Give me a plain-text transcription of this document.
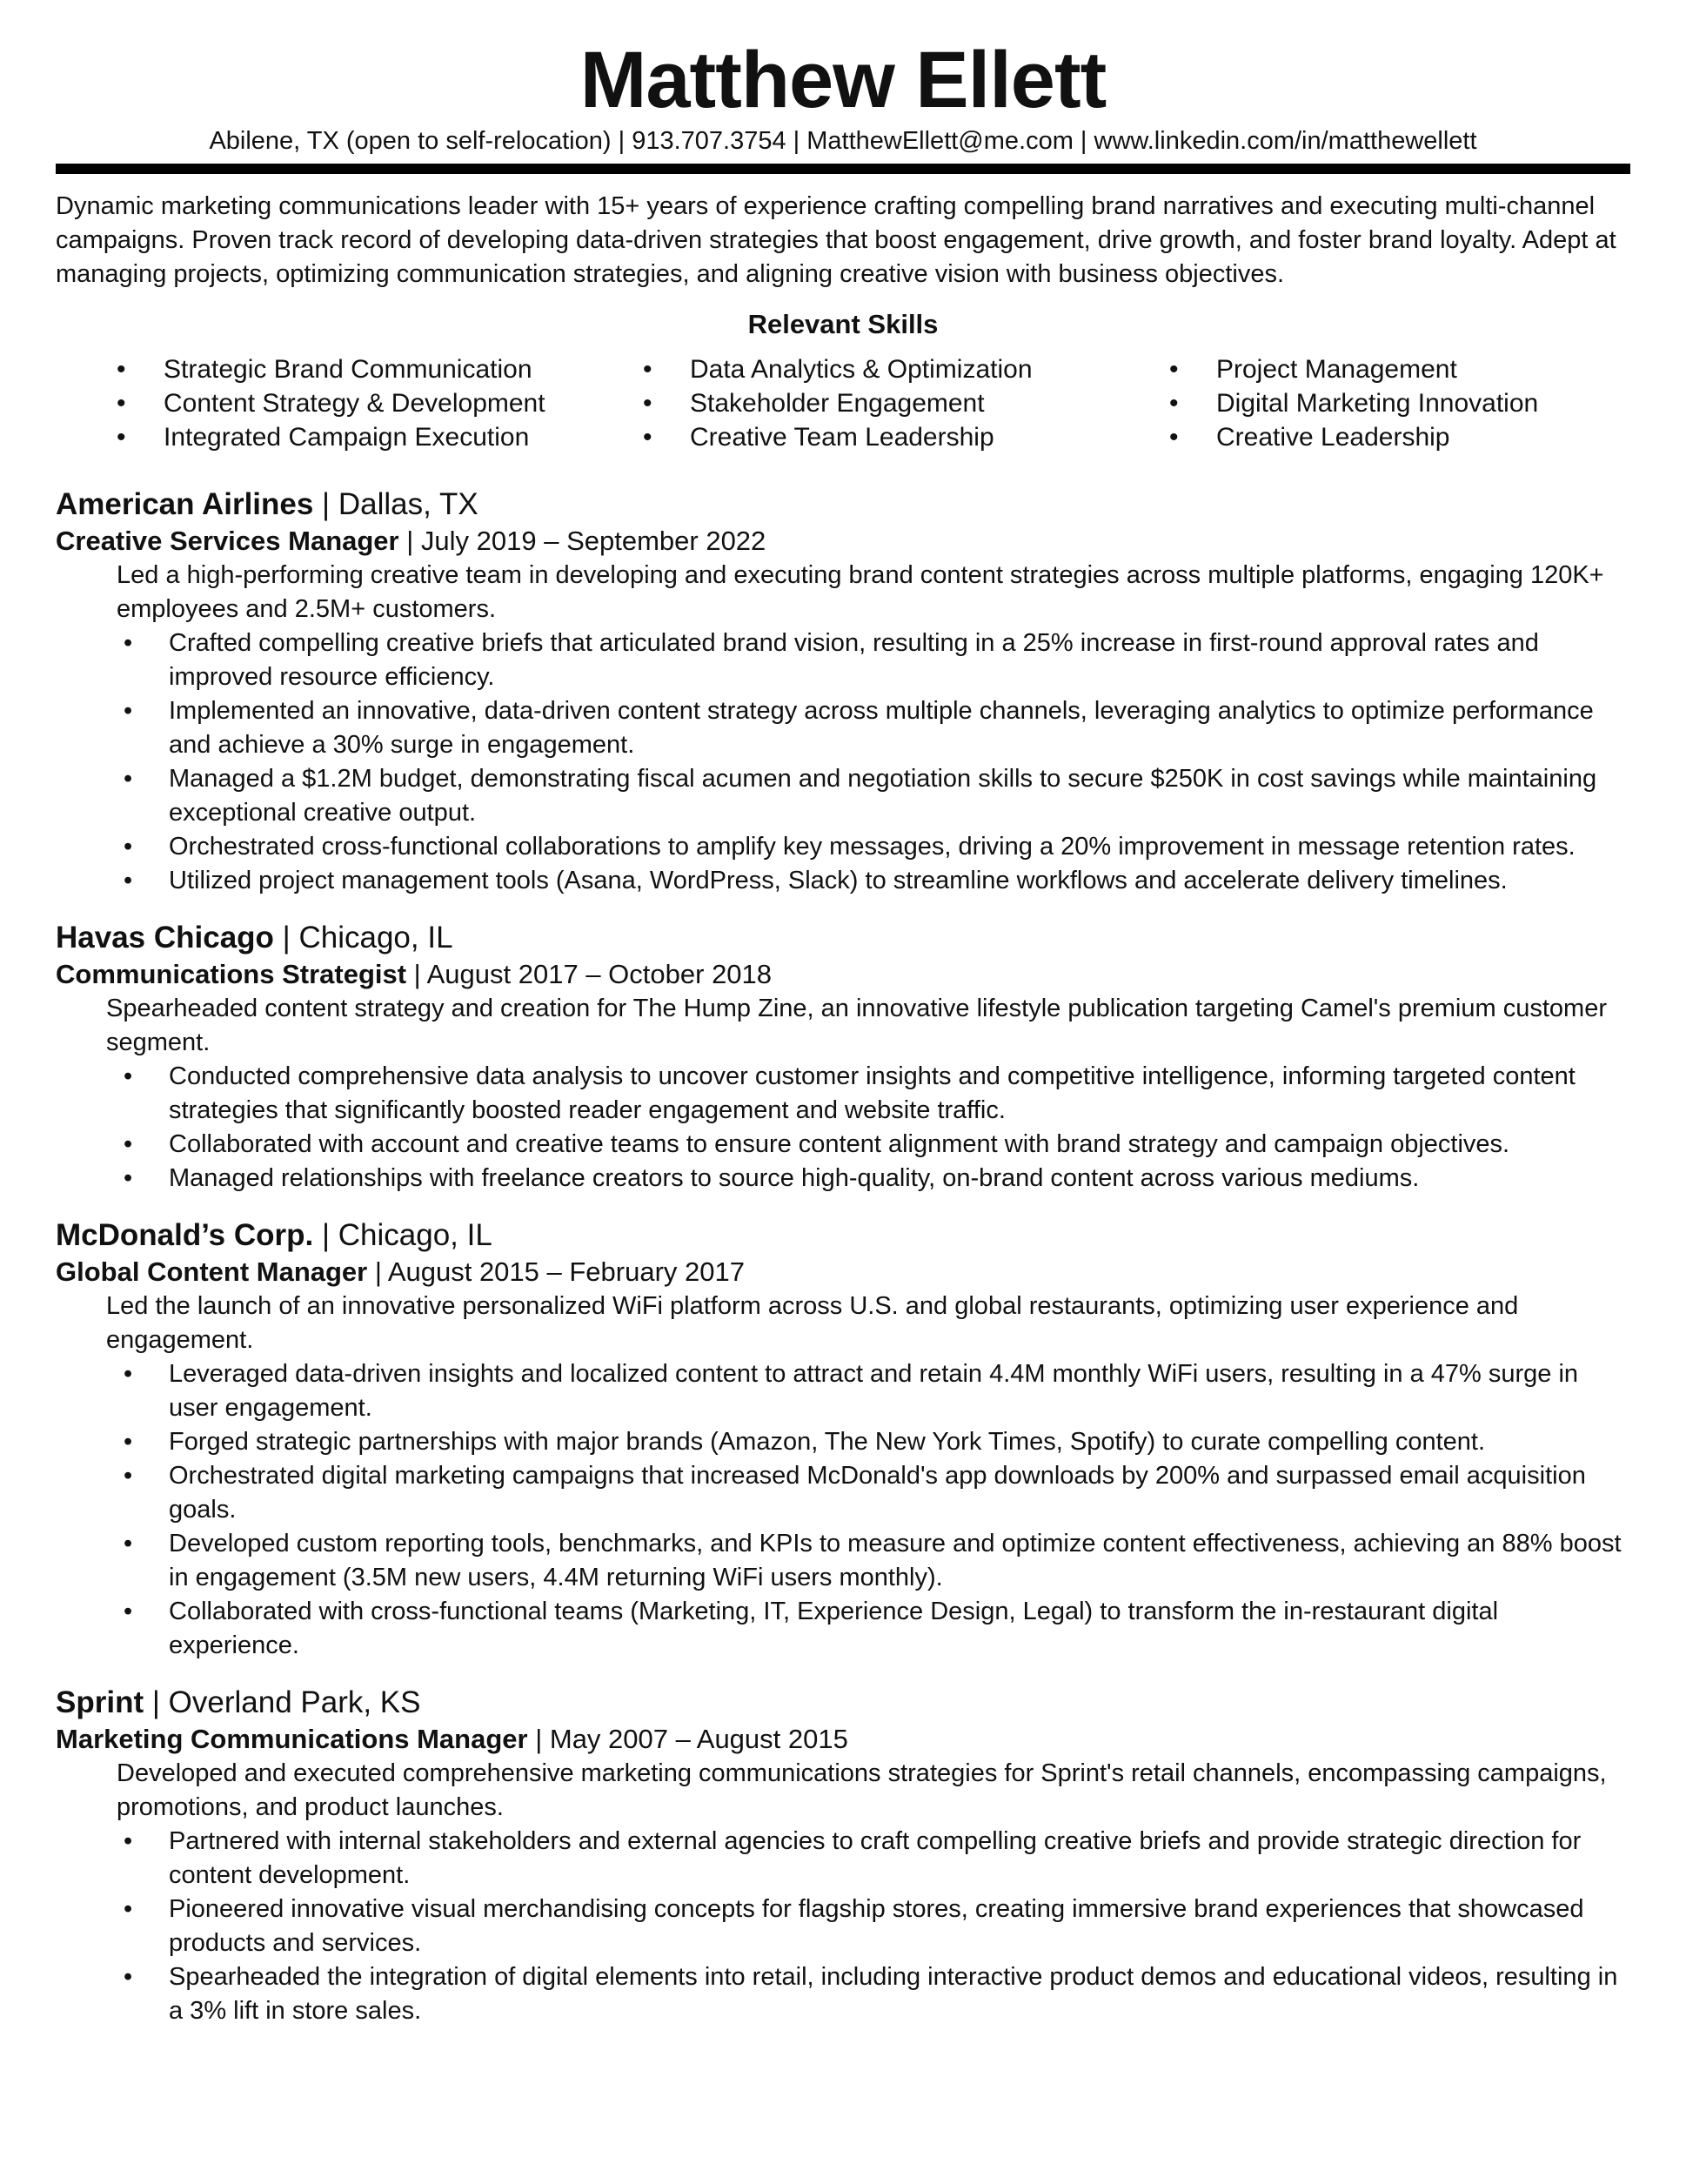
Matthew Ellett
Abilene, TX (open to self-relocation) | 913.707.3754 | MatthewEllett@me.com | www.linkedin.com/in/matthewellett
Dynamic marketing communications leader with 15+ years of experience crafting compelling brand narratives and executing multi-channel campaigns. Proven track record of developing data-driven strategies that boost engagement, drive growth, and foster brand loyalty. Adept at managing projects, optimizing communication strategies, and aligning creative vision with business objectives.
Relevant Skills
• Strategic Brand Communication
• Content Strategy & Development
• Integrated Campaign Execution
• Data Analytics & Optimization
• Stakeholder Engagement
• Creative Team Leadership
• Project Management
• Digital Marketing Innovation
• Creative Leadership
American Airlines | Dallas, TX
Creative Services Manager | July 2019 – September 2022
Led a high-performing creative team in developing and executing brand content strategies across multiple platforms, engaging 120K+ employees and 2.5M+ customers.
• Crafted compelling creative briefs that articulated brand vision, resulting in a 25% increase in first-round approval rates and improved resource efficiency.
• Implemented an innovative, data-driven content strategy across multiple channels, leveraging analytics to optimize performance and achieve a 30% surge in engagement.
• Managed a $1.2M budget, demonstrating fiscal acumen and negotiation skills to secure $250K in cost savings while maintaining exceptional creative output.
• Orchestrated cross-functional collaborations to amplify key messages, driving a 20% improvement in message retention rates.
• Utilized project management tools (Asana, WordPress, Slack) to streamline workflows and accelerate delivery timelines.
Havas Chicago | Chicago, IL
Communications Strategist | August 2017 – October 2018
Spearheaded content strategy and creation for The Hump Zine, an innovative lifestyle publication targeting Camel's premium customer segment.
• Conducted comprehensive data analysis to uncover customer insights and competitive intelligence, informing targeted content strategies that significantly boosted reader engagement and website traffic.
• Collaborated with account and creative teams to ensure content alignment with brand strategy and campaign objectives.
• Managed relationships with freelance creators to source high-quality, on-brand content across various mediums.
McDonald’s Corp. | Chicago, IL
Global Content Manager | August 2015 – February 2017
Led the launch of an innovative personalized WiFi platform across U.S. and global restaurants, optimizing user experience and engagement.
• Leveraged data-driven insights and localized content to attract and retain 4.4M monthly WiFi users, resulting in a 47% surge in user engagement.
• Forged strategic partnerships with major brands (Amazon, The New York Times, Spotify) to curate compelling content.
• Orchestrated digital marketing campaigns that increased McDonald's app downloads by 200% and surpassed email acquisition goals.
• Developed custom reporting tools, benchmarks, and KPIs to measure and optimize content effectiveness, achieving an 88% boost in engagement (3.5M new users, 4.4M returning WiFi users monthly).
• Collaborated with cross-functional teams (Marketing, IT, Experience Design, Legal) to transform the in-restaurant digital experience.
Sprint | Overland Park, KS
Marketing Communications Manager | May 2007 – August 2015
Developed and executed comprehensive marketing communications strategies for Sprint's retail channels, encompassing campaigns, promotions, and product launches.
• Partnered with internal stakeholders and external agencies to craft compelling creative briefs and provide strategic direction for content development.
• Pioneered innovative visual merchandising concepts for flagship stores, creating immersive brand experiences that showcased products and services.
• Spearheaded the integration of digital elements into retail, including interactive product demos and educational videos, resulting in a 3% lift in store sales.
